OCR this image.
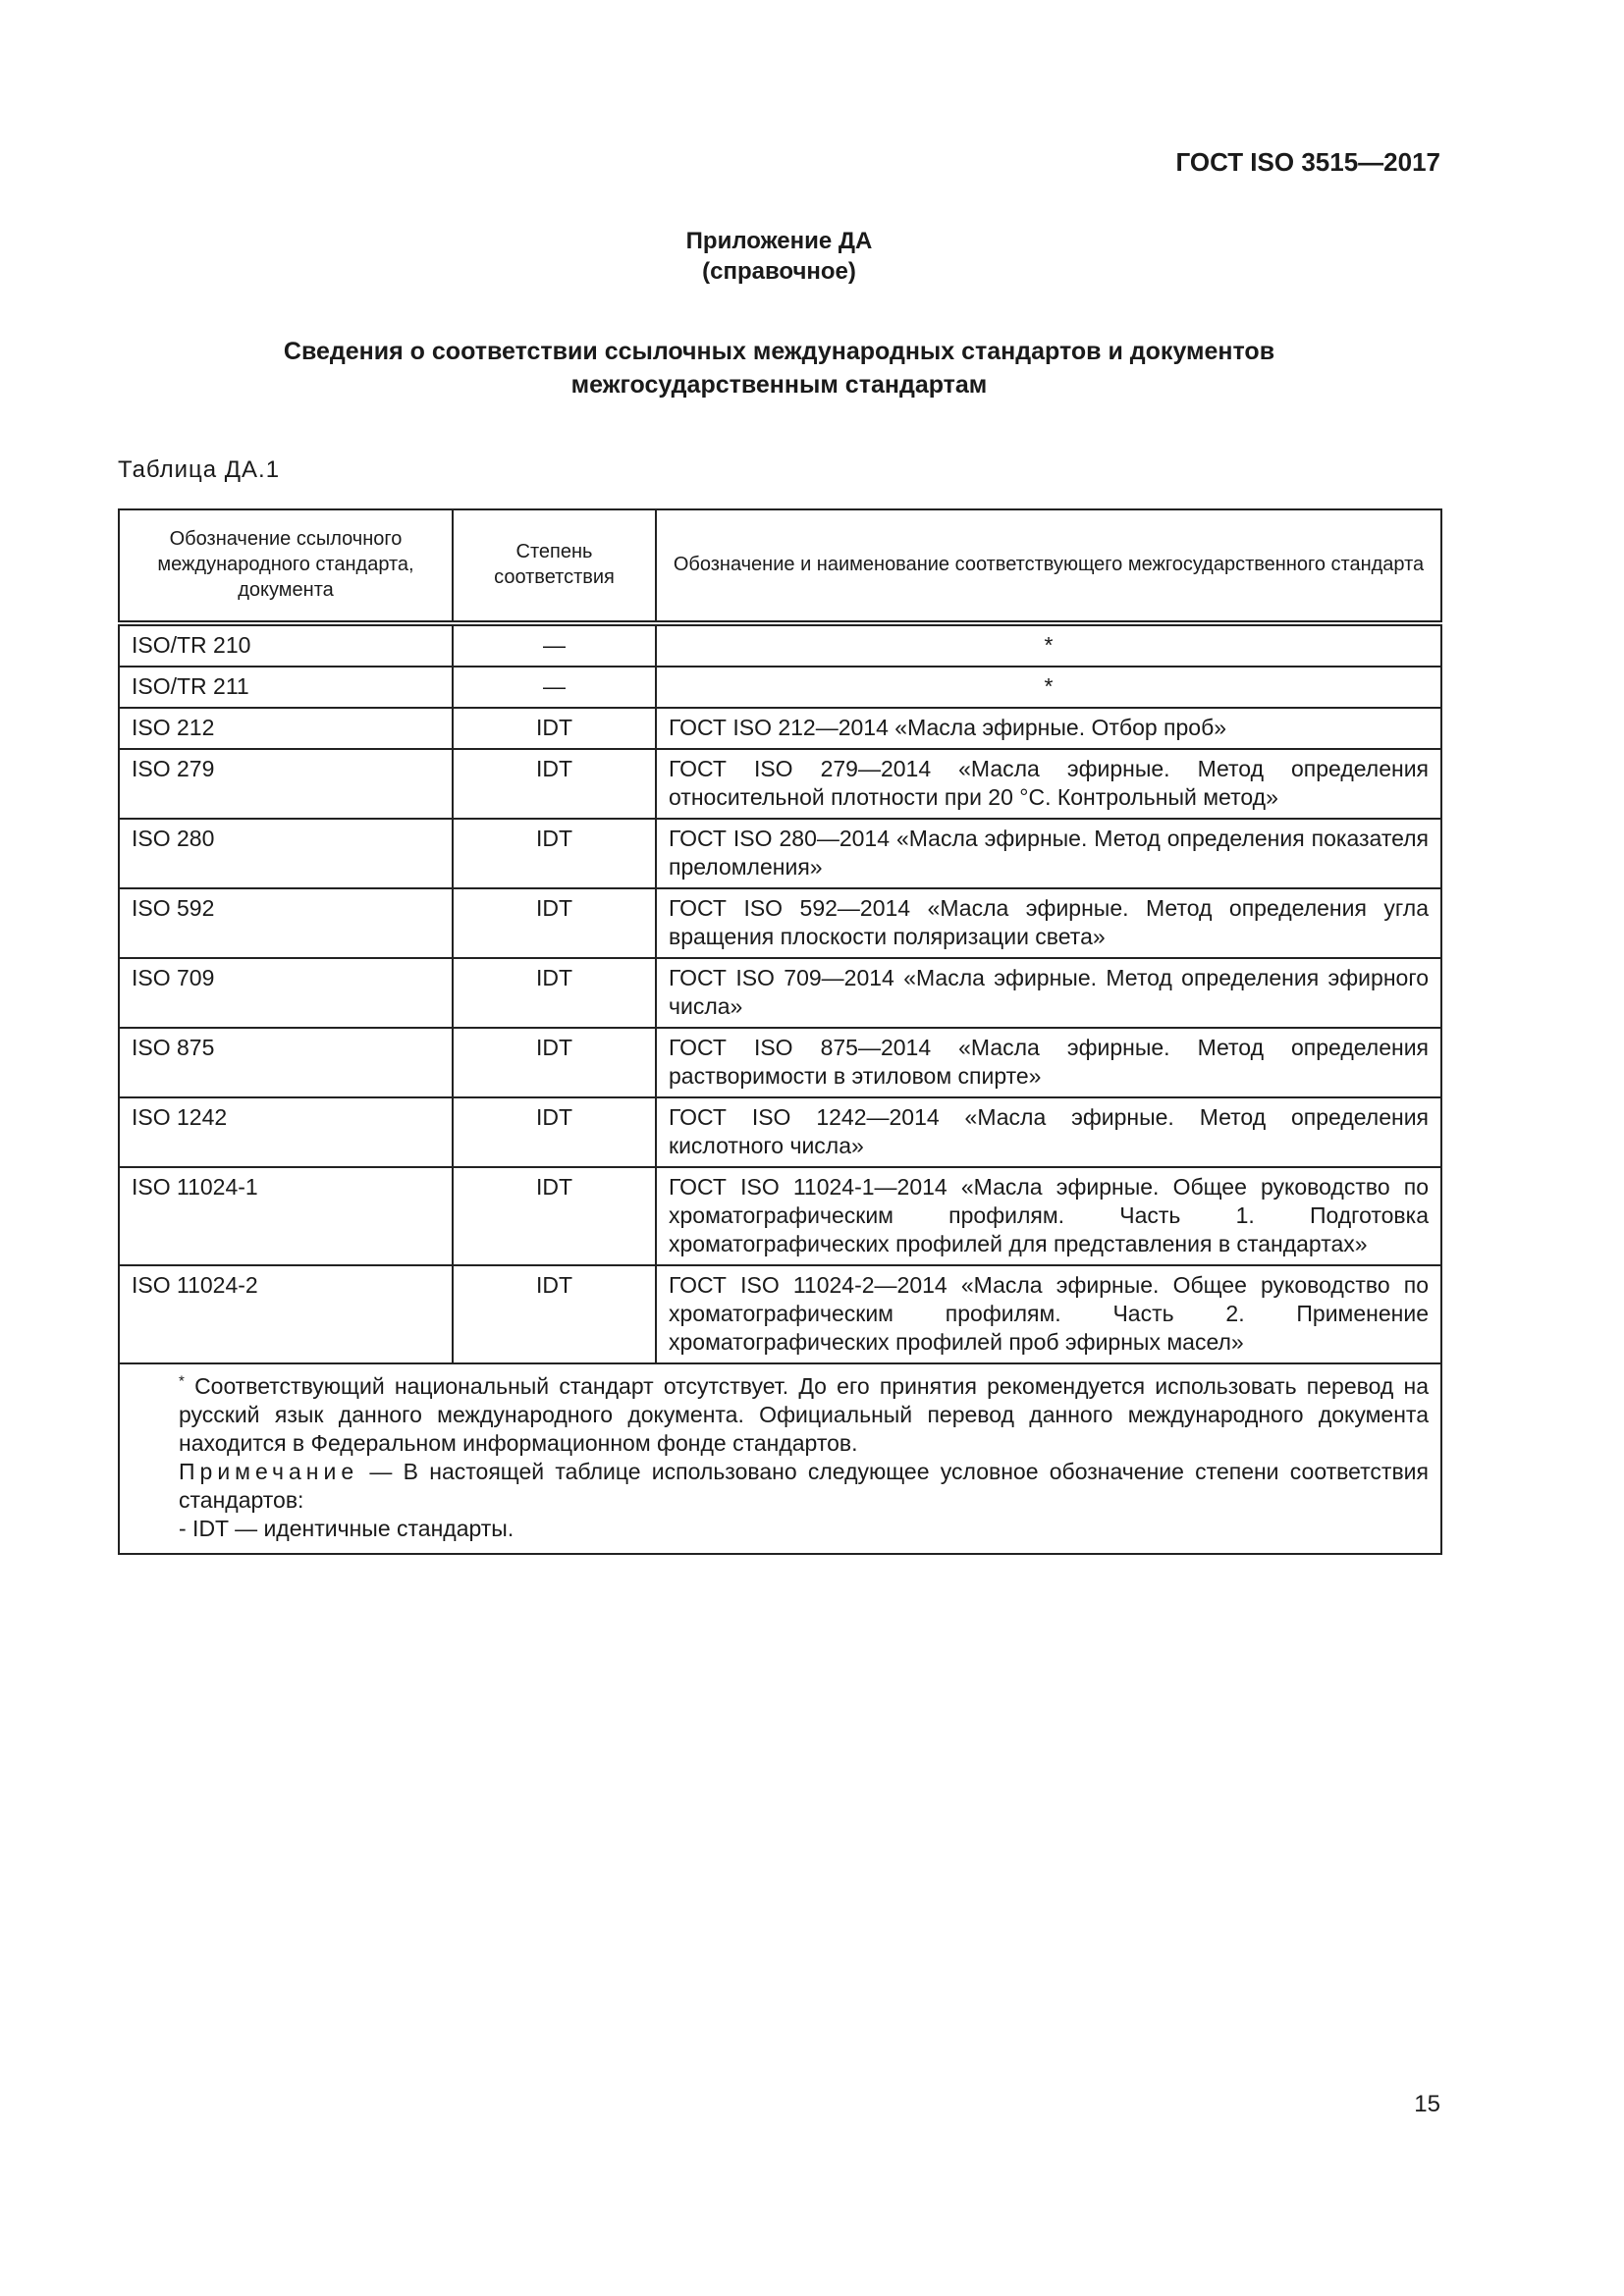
ГОСТ ISO 3515—2017
Приложение ДА
(справочное)
Сведения о соответствии ссылочных международных стандартов и документов
межгосударственным стандартам
Таблица ДА.1
Обозначение ссылочного международного стандарта, документа	Степень соответствия	Обозначение и наименование соответствующего межгосударственного стандарта
ISO/TR 210	—	*
ISO/TR 211	—	*
ISO 212	IDT	ГОСТ ISO 212—2014 «Масла эфирные. Отбор проб»
ISO 279	IDT	ГОСТ ISO 279—2014 «Масла эфирные. Метод определения относительной плотности при 20 °C. Контрольный метод»
ISO 280	IDT	ГОСТ ISO 280—2014 «Масла эфирные. Метод определения показателя преломления»
ISO 592	IDT	ГОСТ ISO 592—2014 «Масла эфирные. Метод определения угла вращения плоскости поляризации света»
ISO 709	IDT	ГОСТ ISO 709—2014 «Масла эфирные. Метод определения эфирного числа»
ISO 875	IDT	ГОСТ ISO 875—2014 «Масла эфирные. Метод определения растворимости в этиловом спирте»
ISO 1242	IDT	ГОСТ ISO 1242—2014 «Масла эфирные. Метод определения кислотного числа»
ISO 11024-1	IDT	ГОСТ ISO 11024-1—2014 «Масла эфирные. Общее руководство по хроматографическим профилям. Часть 1. Подготовка хроматографических профилей для представления в стандартах»
ISO 11024-2	IDT	ГОСТ ISO 11024-2—2014 «Масла эфирные. Общее руководство по хроматографическим профилям. Часть 2. Применение хроматографических профилей проб эфирных масел»

* Соответствующий национальный стандарт отсутствует. До его принятия рекомендуется использовать перевод на русский язык данного международного документа. Официальный перевод данного международного документа находится в Федеральном информационном фонде стандартов.
Примечание — В настоящей таблице использовано следующее условное обозначение степени соответствия стандартов:
- IDT — идентичные стандарты.		
15
